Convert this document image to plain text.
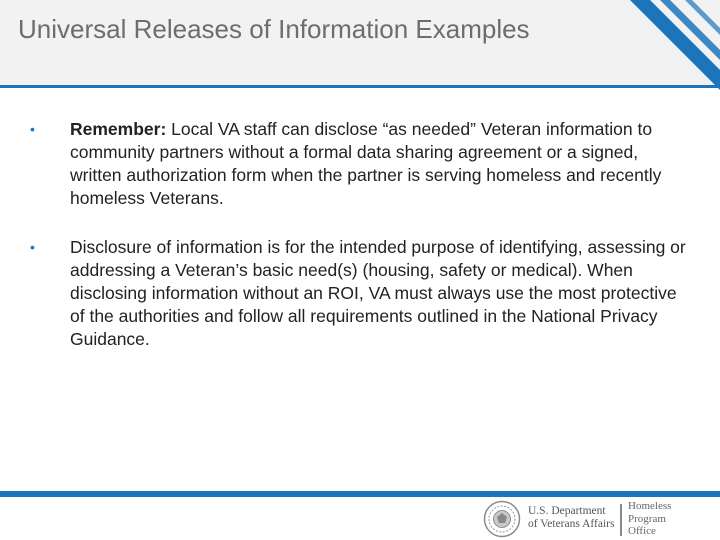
Universal Releases of Information Examples
•	Remember: Local VA staff can disclose “as needed” Veteran information to community partners without a formal data sharing agreement or a signed, written authorization form when the partner is serving homeless and recently homeless Veterans.
•	Disclosure of information is for the intended purpose of identifying, assessing or addressing a Veteran’s basic need(s) (housing, safety or medical). When disclosing information without an ROI, VA must always use the most protective of the authorities and follow all requirements outlined in the National Privacy Guidance.
U.S. Department
of Veterans Affairs
Homeless
Program
Office
